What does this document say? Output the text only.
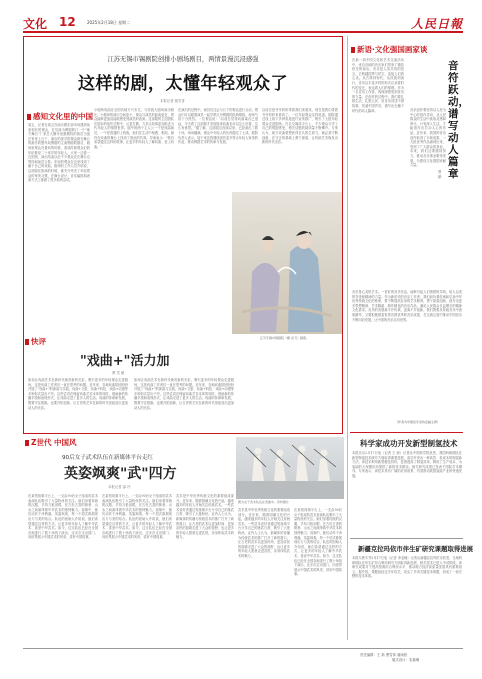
文化 12	2025年2月18日 星期二	人民日報
江苏无锡市锡剧院创排小剧场剧目，两情景漫沉浸感强
这样的剧，太懂年轻观众了
本报记者 姚雪青
感知文化里的中国
周五，记者在周五在南京路东部市场遇到前来现在的观众，在导演为锡剧的门一个"地方舞台"厂家总大额年里最期待的演员当战在家里上台下，演出的视学院观众都在舞台的最多的整年戏锡剧的主演锡剧的剧目，剧场里观众在看戏的时候，看戏时候观众们的年纪都是二十来岁的年轻人，大家一边看一边拍照，演出结束以后不少观众还在舞台边等待和演员合影。年轻的观众在这里找到了属于自己的戏曲。剧场的工作人员介绍说，这部剧在排演的时候，就充分考虑了年轻观众的审美习惯，在舞台设计、音乐编排和表演方式上都做了很多新的尝试。
小剧场戏曲在全国各地方兴未艾。与传统大剧场演出相比，小剧场的演出空间更小，观众与演员的距离更近，观众能够更加直接地感受到演员的表演。这部剧的主创团队在剧本的创作过程中，反复打磨，力求让故事更加贴近当代年轻人的情感世界。剧中的两个主人公一个是戏曲演员，一个是普通的上班族，他们在生活中相遇、相知，最终在戏曲的舞台上找到了彼此的共鸣。导演表示："我们希望通过这样的故事，让更多的年轻人了解戏曲、爱上戏曲。"
在演出的过程中，演员们还会与台下的观众进行互动，观众们可以跟着演员一起学唱几句锡剧的经典唱段，现场气氛十分热烈。一位观众说："以前总觉得戏曲离自己很远，今天看了这部剧才发现原来戏曲也可以这么好看，这么有意思。"据了解，这部剧自首演以来，已经演出了数十场，场场爆满，观众中年轻人的比例超过了七成。剧院负责人表示，接下来还将继续创作更多符合年轻人审美的作品，推动锡剧艺术的传承与发展。
以前总是爷爷奶奶带着我们来看戏，现在是我们带着爷爷奶奶来看戏了。一位年轻观众这样说道。剧院通过线上线下多种渠道进行宣传推广，吸引了大批年轻观众走进剧场。在社交媒体平台上，不少观众分享了自己的观剧感受，相关话题的阅读量不断攀升。专家认为，地方戏曲要想获得长久的生命力，就必须不断创新，在守正的基础上勇于探索，让传统艺术焕发出新的时代光彩。
江苏无锡市锡剧院《蝶·双飞》剧照。
快评
"戏曲+"活力加
曹 雪 薇
如何让戏曲艺术在新时代焕发新的光彩，吸引更多的年轻观众走进剧场，这是戏曲工作者们一直在思考的问题。近年来，各地戏曲院团纷纷开展了"戏曲+"的探索与实践，戏曲+文旅、戏曲+科技、戏曲+动漫等多种形式层出不穷。这些尝试在保留戏曲艺术本体的同时，借助新的传播手段和表现形式，让戏曲走进了更多人的生活。戏曲的传承和发展，既要守住根脉，也要开拓创新，让古老的艺术在新的时代里绽放出更加动人的光彩。
如何让戏曲艺术在新时代焕发新的光彩，吸引更多的年轻观众走进剧场，这是戏曲工作者们一直在思考的问题。近年来，各地戏曲院团纷纷开展了"戏曲+"的探索与实践，戏曲+文旅、戏曲+科技、戏曲+动漫等多种形式层出不穷。这些尝试在保留戏曲艺术本体的同时，借助新的传播手段和表现形式，让戏曲走进了更多人的生活。戏曲的传承和发展，既要守住根脉，也要开拓创新，让古老的艺术在新的时代里绽放出更加动人的光彩。
Z世代 中国风
90后女子武术队伍在新媒体平台走红
英姿飒爽"武"四方
本报记者 邵 玲
在某短视频平台上，一支由90后女子组成的武术表演队伍吸引了大量粉丝的关注。她们身着传统的汉服，手持刀枪剑棍，在古色古香的街巷、山水之间演绎着中华武术的独特魅力。视频中，她们动作干净利落，英姿飒爽，每一个招式都展现出力与美的结合。队伍的创始人介绍说，她们希望通过这样的方式，让更多的年轻人了解中华武术、喜爱中华武术。如今，这支队伍已经在全国各地进行了数十场线下演出，还多次走出国门，向世界展示中国武术的风采，讲好中国故事。
在某短视频平台上，一支由90后女子组成的武术表演队伍吸引了大量粉丝的关注。她们身着传统的汉服，手持刀枪剑棍，在古色古香的街巷、山水之间演绎着中华武术的独特魅力。视频中，她们动作干净利落，英姿飒爽，每一个招式都展现出力与美的结合。队伍的创始人介绍说，她们希望通过这样的方式，让更多的年轻人了解中华武术、喜爱中华武术。如今，这支队伍已经在全国各地进行了数十场线下演出，还多次走出国门，向世界展示中国武术的风采，讲好中国故事。
武术是中华优秀传统文化的重要组成部分。近年来，随着国潮文化的兴起，越来越多的年轻人开始关注传统武术。一些武术爱好者通过短视频平台分享自己的练武日常，吸引了大批粉丝。业内人士认为，新媒体的传播为传统武术的推广打开了新的窗口，让古老的武术以更加时尚、更加亲民的面貌走进了大众的视野，也让更多的年轻人愿意走进武馆，亲身体验武术的魅力。
图为女子武术队伍在表演中。资料图片
武术是中华优秀传统文化的重要组成部分。近年来，随着国潮文化的兴起，越来越多的年轻人开始关注传统武术。一些武术爱好者通过短视频平台分享自己的练武日常，吸引了大批粉丝。业内人士认为，新媒体的传播为传统武术的推广打开了新的窗口，让古老的武术以更加时尚、更加亲民的面貌走进了大众的视野，也让更多的年轻人愿意走进武馆，亲身体验武术的魅力。
在某短视频平台上，一支由90后女子组成的武术表演队伍吸引了大量粉丝的关注。她们身着传统的汉服，手持刀枪剑棍，在古色古香的街巷、山水之间演绎着中华武术的独特魅力。视频中，她们动作干净利落，英姿飒爽，每一个招式都展现出力与美的结合。队伍的创始人介绍说，她们希望通过这样的方式，让更多的年轻人了解中华武术、喜爱中华武术。如今，这支队伍已经在全国各地进行了数十场线下演出，还多次走出国门，向世界展示中国武术的风采，讲好中国故事。
新语·文化强国画家谈
在新一届中国文化和艺术交流活动中，来自各地的音乐家们带来了精彩纷呈的演出。音乐是人类共同的语言，它跨越国界与时空，连接人们的心灵。从古典到现代，从民族到流行，音乐以丰富多样的形式记录着时代的变迁，表达着人们的情感。作为一名音乐工作者，我深深感受到音乐的力量。在创作的过程中，我们要扎根生活、扎根人民，用音乐讲述中国故事，传递中国声音，谱写出无愧于时代的动人篇章。	音乐创作要坚持以人民为中心的创作导向，从人民群众的生活中汲取灵感和养分。只有深入生活，才能创作出打动人心的作品。近年来，我国的音乐创作取得了丰硕成果，一大批优秀作品涌现出来，受到了广大群众的喜爱。未来，我们还要继续努力，推动音乐事业繁荣发展，为建设文化强国贡献力量。
音符跃动，谱写动人篇章
曹 鹏
音乐是心灵的艺术。一首好的音乐作品，能够引起人们情感的共鸣，给人以美的享受和精神的力量。作为新时代的音乐工作者，我们肩负着传承和弘扬中华优秀传统文化的使命，要不断提高自身的艺术修养，勇于探索创新，创作出更多思想精深、艺术精湛、制作精良的音乐作品，满足人民群众日益增长的精神文化需求。音乐的发展离不开传承，更离不开创新。我们既要从传统音乐中汲取精华，又要积极借鉴世界各国优秀的音乐成果，在交流互鉴中推动中国音乐不断向前发展，让中国的音乐走向世界。
（作者为中国音乐家协会副主席）
科学家成功开发新型制氢技术
本报北京2月17日电（记者 王 硕）记者从中国科学院获悉，我国科研团队在新型制氢技术研究方面取得重要进展，成功开发出一种高效、低成本的制氢新方法。该技术利用新型催化材料，显著提高了制氢效率，降低了生产成本，为氢能的大规模应用提供了新的技术路径。相关研究成果已发表于国际学术期刊。专家表示，该技术具有广阔的应用前景，有望推动我国氢能产业的快速发展。
新疆克拉玛依市伴生矿研究课题取得进展
本报乌鲁木齐2月17日电（记者 李亚楠）记者从新疆克拉玛依市获悉，当地科研团队在伴生矿综合利用研究方面取得新进展，相关技术已进入中试阶段。该研究成果对于提高资源综合利用水平、推动地方经济高质量发展具有重要意义。据介绍，课题组经过多年攻关，攻克了多项关键技术难题，形成了一套完整的技术体系。
责任编辑：王 新 曹雪萍 谢雨欣
版式设计：宋嘉琳
